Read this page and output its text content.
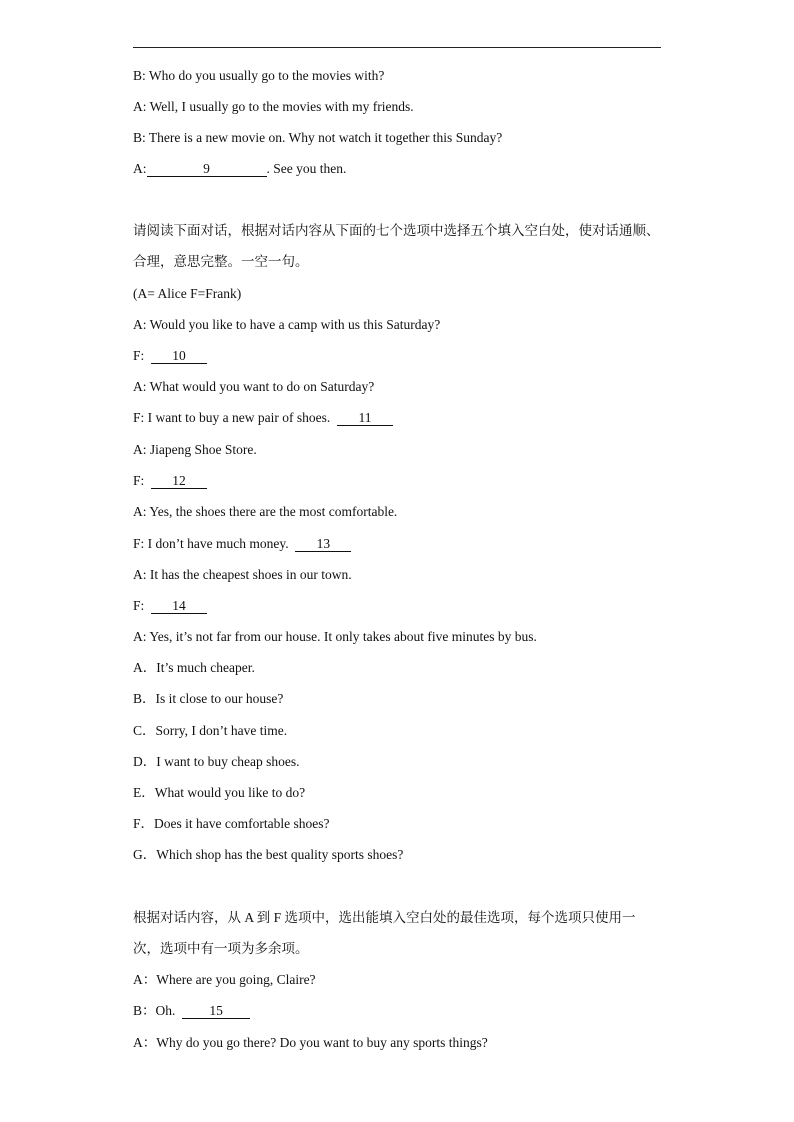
B: Who do you usually go to the movies with?
A: Well, I usually go to the movies with my friends.
B: There is a new movie on. Why not watch it together this Sunday?
A:	9	. See you then.
请阅读下面对话，根据对话内容从下面的七个选项中选择五个填入空白处，使对话通顺、
合理，意思完整。一空一句。
(A= Alice F=Frank)
A: Would you like to have a camp with us this Saturday?
F: 10
A: What would you want to do on Saturday?
F: I want to buy a new pair of shoes. 11
A: Jiapeng Shoe Store.
F: 12
A: Yes, the shoes there are the most comfortable.
F: I don’t have much money. 13
A: It has the cheapest shoes in our town.
F: 14
A: Yes, it’s not far from our house. It only takes about five minutes by bus.
A．It’s much cheaper.
B．Is it close to our house?
C．Sorry, I don’t have time.
D．I want to buy cheap shoes.
E．What would you like to do?
F．Does it have comfortable shoes?
G．Which shop has the best quality sports shoes?
根据对话内容，从 A 到 F 选项中，选出能填入空白处的最佳选项，每个选项只使用一
次，选项中有一项为多余项。
A：Where are you going, Claire?
B：Oh.	15
A：Why do you go there? Do you want to buy any sports things?
